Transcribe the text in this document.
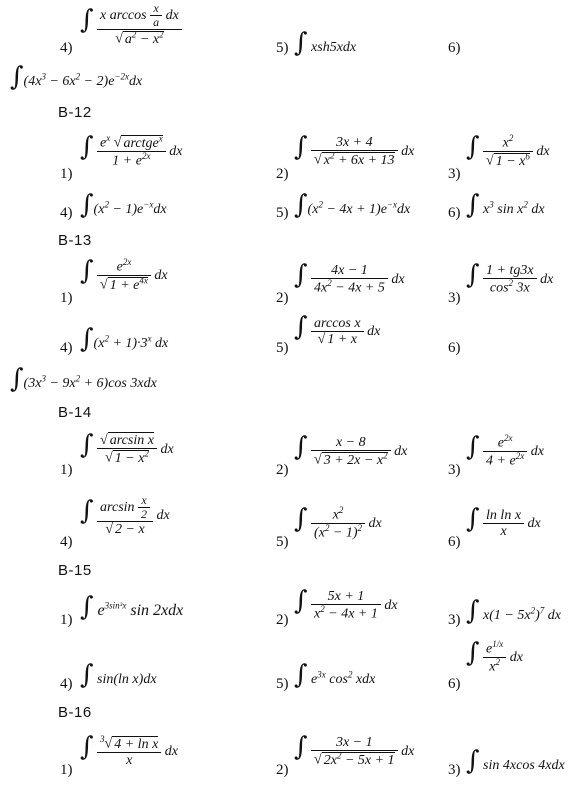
4)
∫ $\frac{x \arccos \frac{x}{a} dx}{√ a^2 - x^2}$
5) ∫ xsh5xdx	6)
$\int(4x^3 - 6x^2 - 2)e^{-2x}dx$
B-12
1)
∫ $\frac{e^x √ arctge^x}{1 + e^{2x}}$ dx
2)
∫ $\frac{3x + 4}{√ x^2 + 6x + 13}$ dx
3)
∫ $\frac{x^2}{√ 1 - x^6}$ dx
4) $\int(x^2 - 1)e^{-x}dx$	5) $\int(x^2 - 4x + 1)e^{-x}dx$	6) ∫ $x^3$ $\sin x^2$ dx
B-13
1)
∫ $\frac{e^{2x}}{√ 1 + e^{4x}}$ dx
2)
∫ $\frac{4x - 1}{4x^2 - 4x + 5}$ dx
3)
∫ $\frac{1 + tg3x}{\cos^2 3x}$ dx
4) $\int(x^2 + 1)\cdot 3^x$ dx	5)
∫ $\frac{\text{arccos x}}{√ 1 + x}$ dx
6)
$\int(3x^3 - 9x^2 + 6)\cos$ 3xdx
B-14
1)
∫ $\frac{\text{√ arcsin x}}{√ 1 - x^2}$ dx
2)
∫ $\frac{x - 8}{√ 3 + 2x - x^2}$ dx
3)
∫ $\frac{e^{2x}}{4 + e^{2x}}$ dx
4)
∫ $\frac{\arcsin \frac{x}{2}}{√ 2 - x}$ dx
5)
∫ $\frac{x^2}{(x^2 - 1)^2}$ dx
6)
∫ $\frac{\text{ln ln x}}{x}$ dx
B-15
1) ∫ $e^{3sin^3x}$ sin 2xdx
2)
∫ $\frac{5x + 1}{x^2 - 4x + 1}$ dx
3) ∫ $x(1 - 5x^2)^7$ dx
4) ∫ sin(ln x)dx	5) ∫ $e^{3x}$ $\cos^2$ xdx	6)
∫ $\frac{e^{1/x}}{x^2}$ dx
B-16
1)
∫ $\frac{^3√ 4 + \ln x}{x}$ dx
2)
∫ $\frac{3x - 1}{√ 2x^2 - 5x + 1}$ dx
3) ∫ sin 4xcos 4xdx
